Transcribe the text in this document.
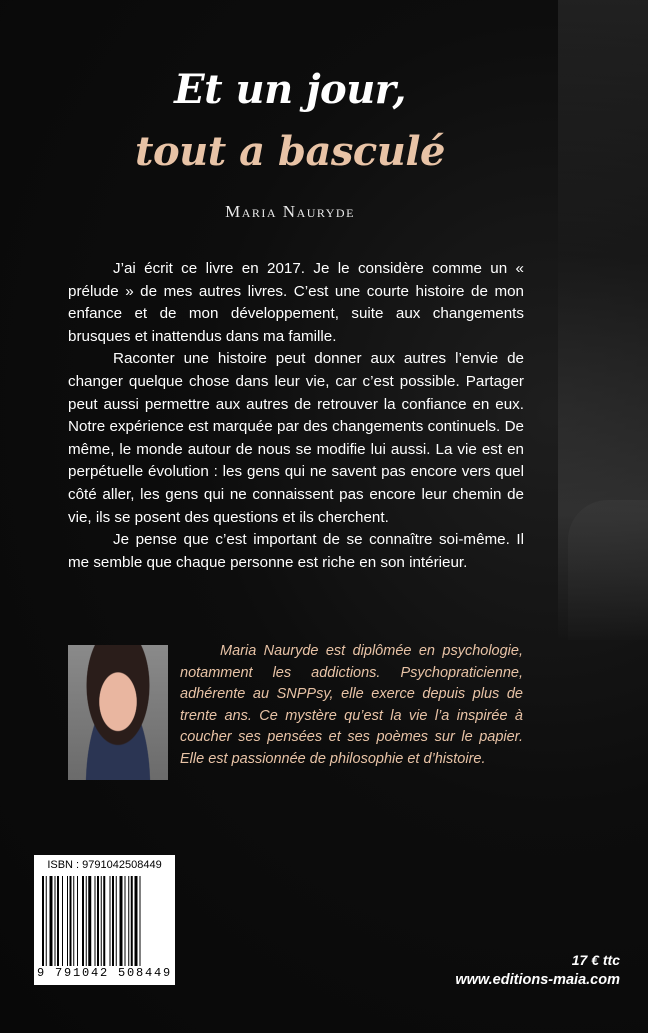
Et un jour,
tout a basculé
Maria Nauryde

J’ai écrit ce livre en 2017. Je le considère comme un « prélude » de mes autres livres. C’est une courte histoire de mon enfance et de mon développement, suite aux changements brusques et inattendus dans ma famille.

Raconter une histoire peut donner aux autres l’envie de changer quelque chose dans leur vie, car c’est possible. Partager peut aussi permettre aux autres de retrouver la confiance en eux. Notre expérience est marquée par des changements continuels. De même, le monde autour de nous se modifie lui aussi. La vie est en perpétuelle évolution : les gens qui ne savent pas encore vers quel côté aller, les gens qui ne connaissent pas encore leur chemin de vie, ils se posent des questions et ils cherchent.

Je pense que c’est important de se connaître soi-même. Il me semble que chaque personne est riche en son intérieur.

Maria Nauryde est diplômée en psychologie, notamment les addictions. Psychopraticienne, adhérente au SNPPsy, elle exerce depuis plus de trente ans. Ce mystère qu’est la vie l’a inspirée à coucher ses pensées et ses poèmes sur le papier. Elle est passionnée de philosophie et d’histoire.

ISBN : 9791042508449
9 791042 508449
17 € ttc
www.editions-maia.com
